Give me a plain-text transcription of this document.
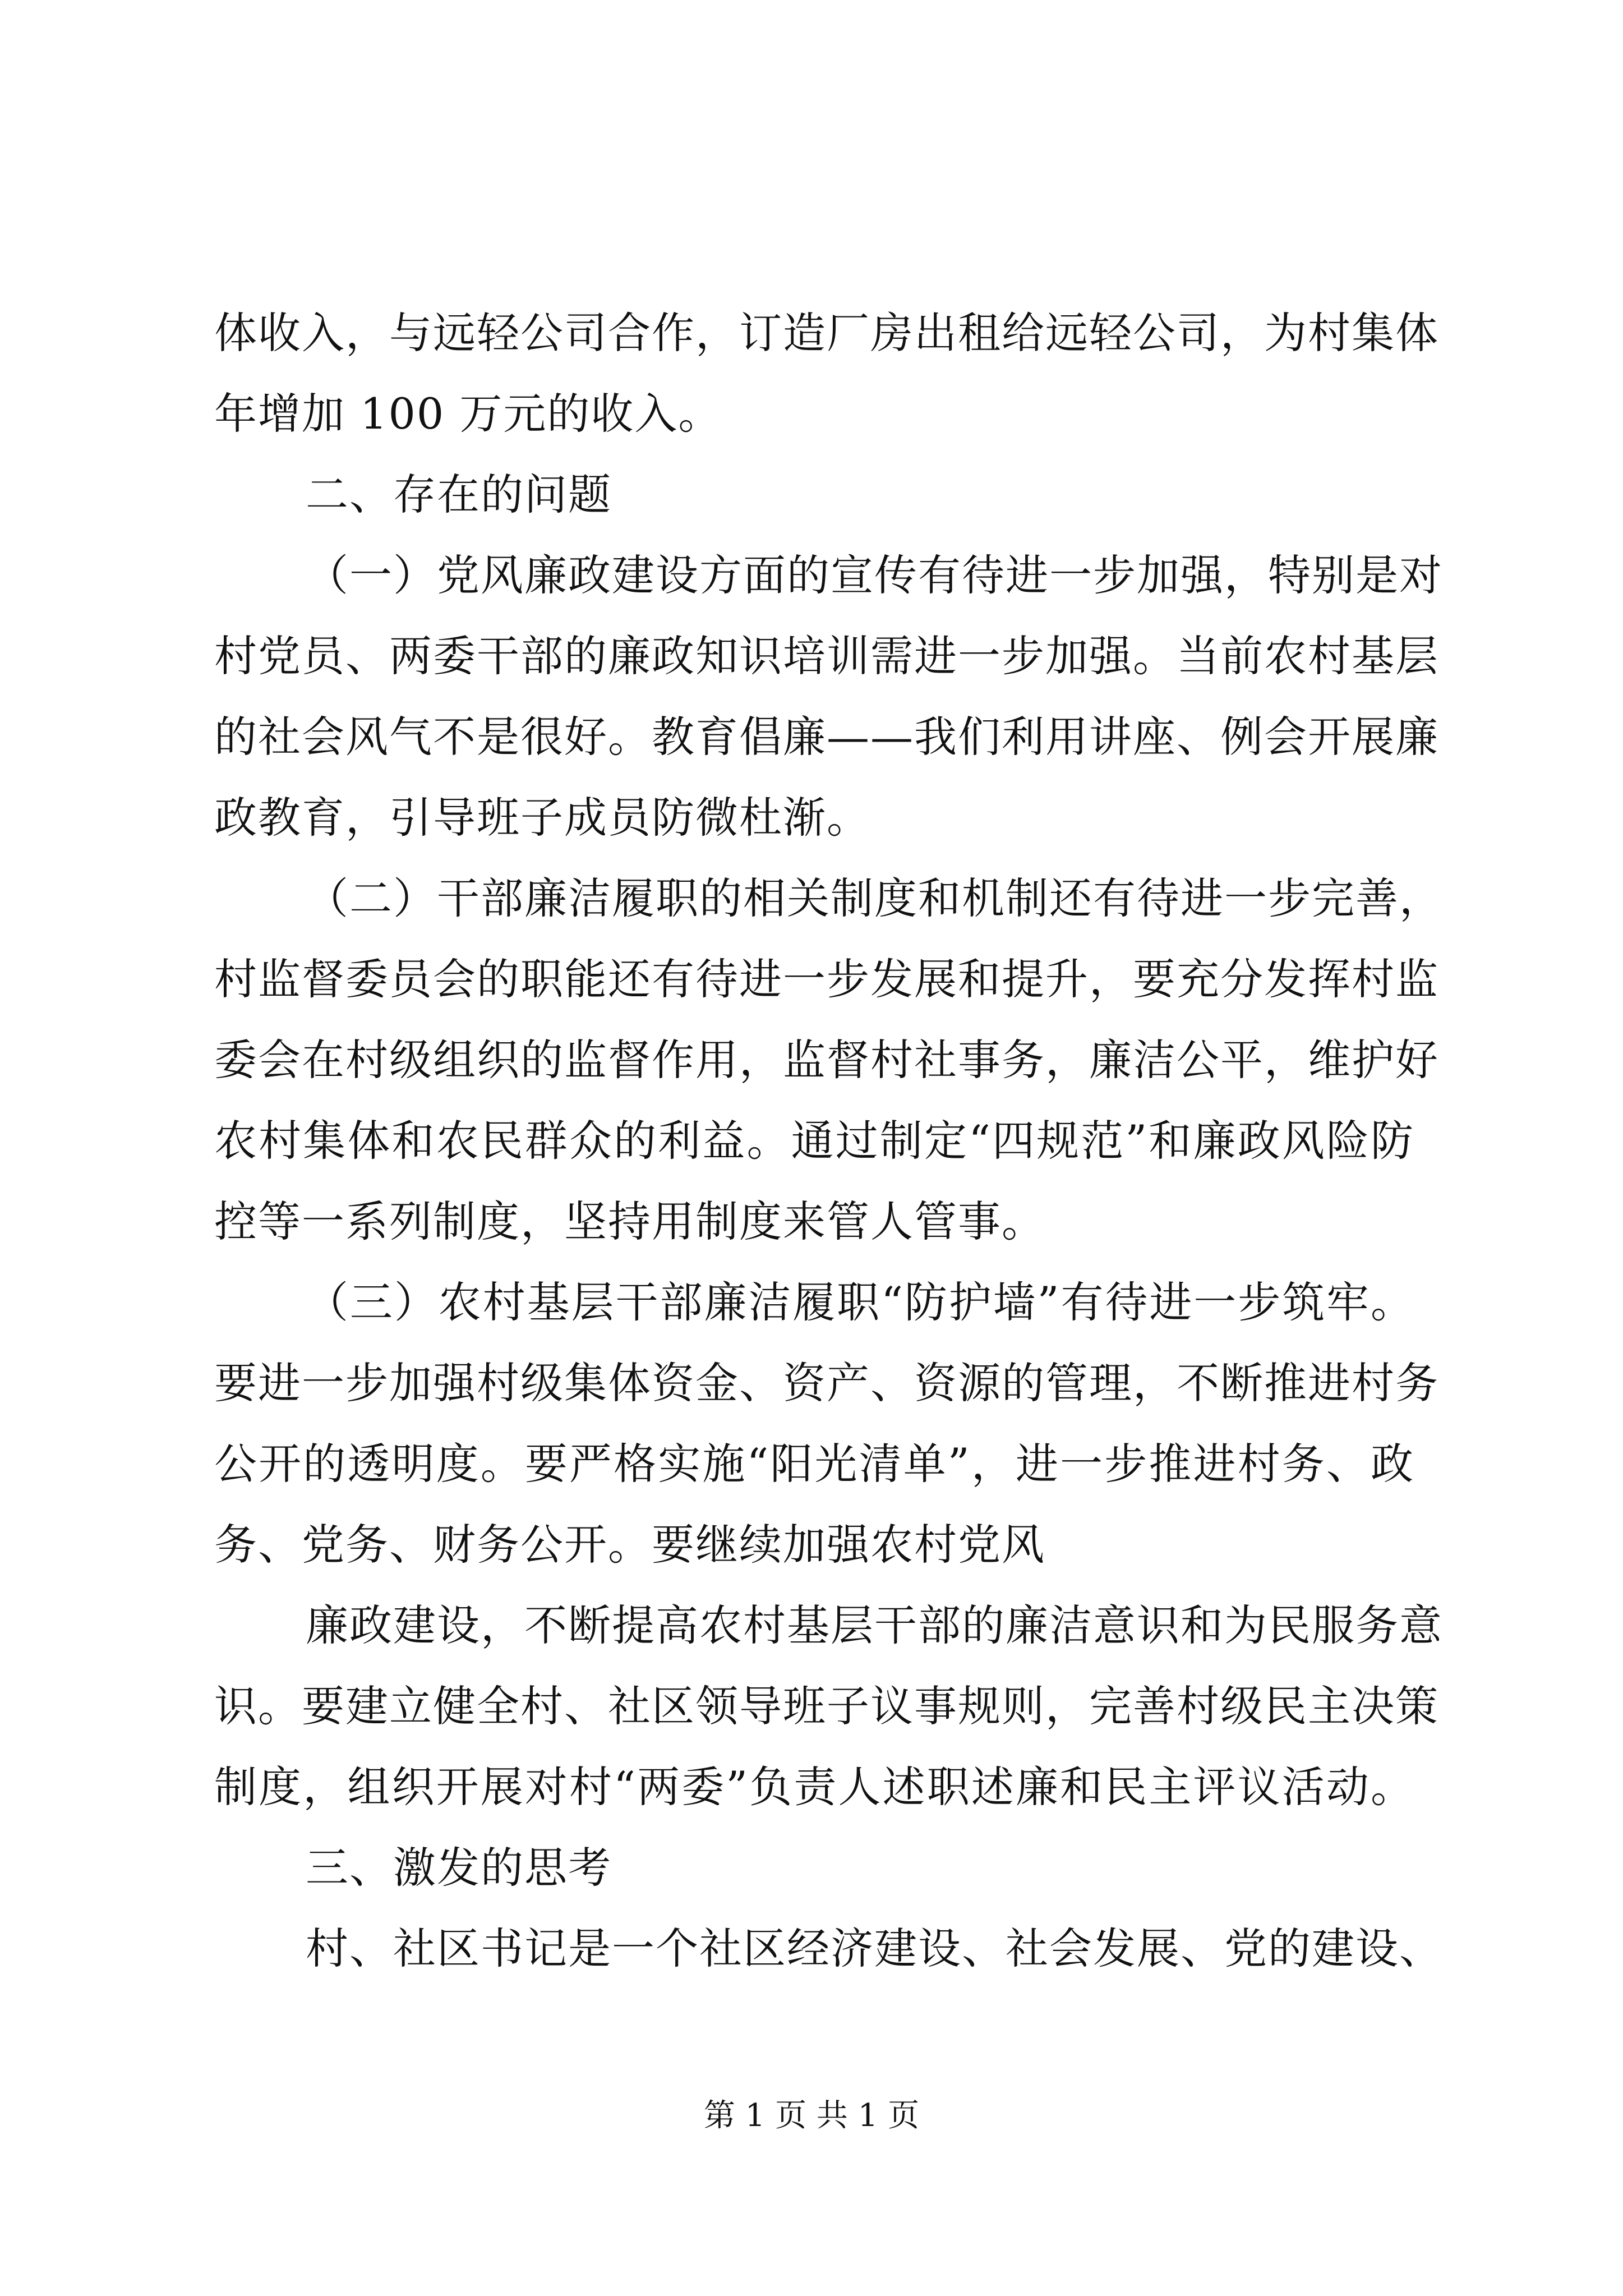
体收入，与远轻公司合作，订造厂房出租给远轻公司，为村集体
年增加 100 万元的收入。
二、存在的问题
（一）党风廉政建设方面的宣传有待进一步加强，特别是对
村党员、两委干部的廉政知识培训需进一步加强。当前农村基层
的社会风气不是很好。教育倡廉——我们利用讲座、例会开展廉
政教育，引导班子成员防微杜渐。
（二）干部廉洁履职的相关制度和机制还有待进一步完善，
村监督委员会的职能还有待进一步发展和提升，要充分发挥村监
委会在村级组织的监督作用，监督村社事务，廉洁公平，维护好
农村集体和农民群众的利益。通过制定“四规范”和廉政风险防
控等一系列制度，坚持用制度来管人管事。
（三）农村基层干部廉洁履职“防护墙”有待进一步筑牢。
要进一步加强村级集体资金、资产、资源的管理，不断推进村务
公开的透明度。要严格实施“阳光清单”，进一步推进村务、政
务、党务、财务公开。要继续加强农村党风
廉政建设，不断提高农村基层干部的廉洁意识和为民服务意
识。要建立健全村、社区领导班子议事规则，完善村级民主决策
制度，组织开展对村“两委”负责人述职述廉和民主评议活动。
三、激发的思考
村、社区书记是一个社区经济建设、社会发展、党的建设、
第 1 页 共 1 页
